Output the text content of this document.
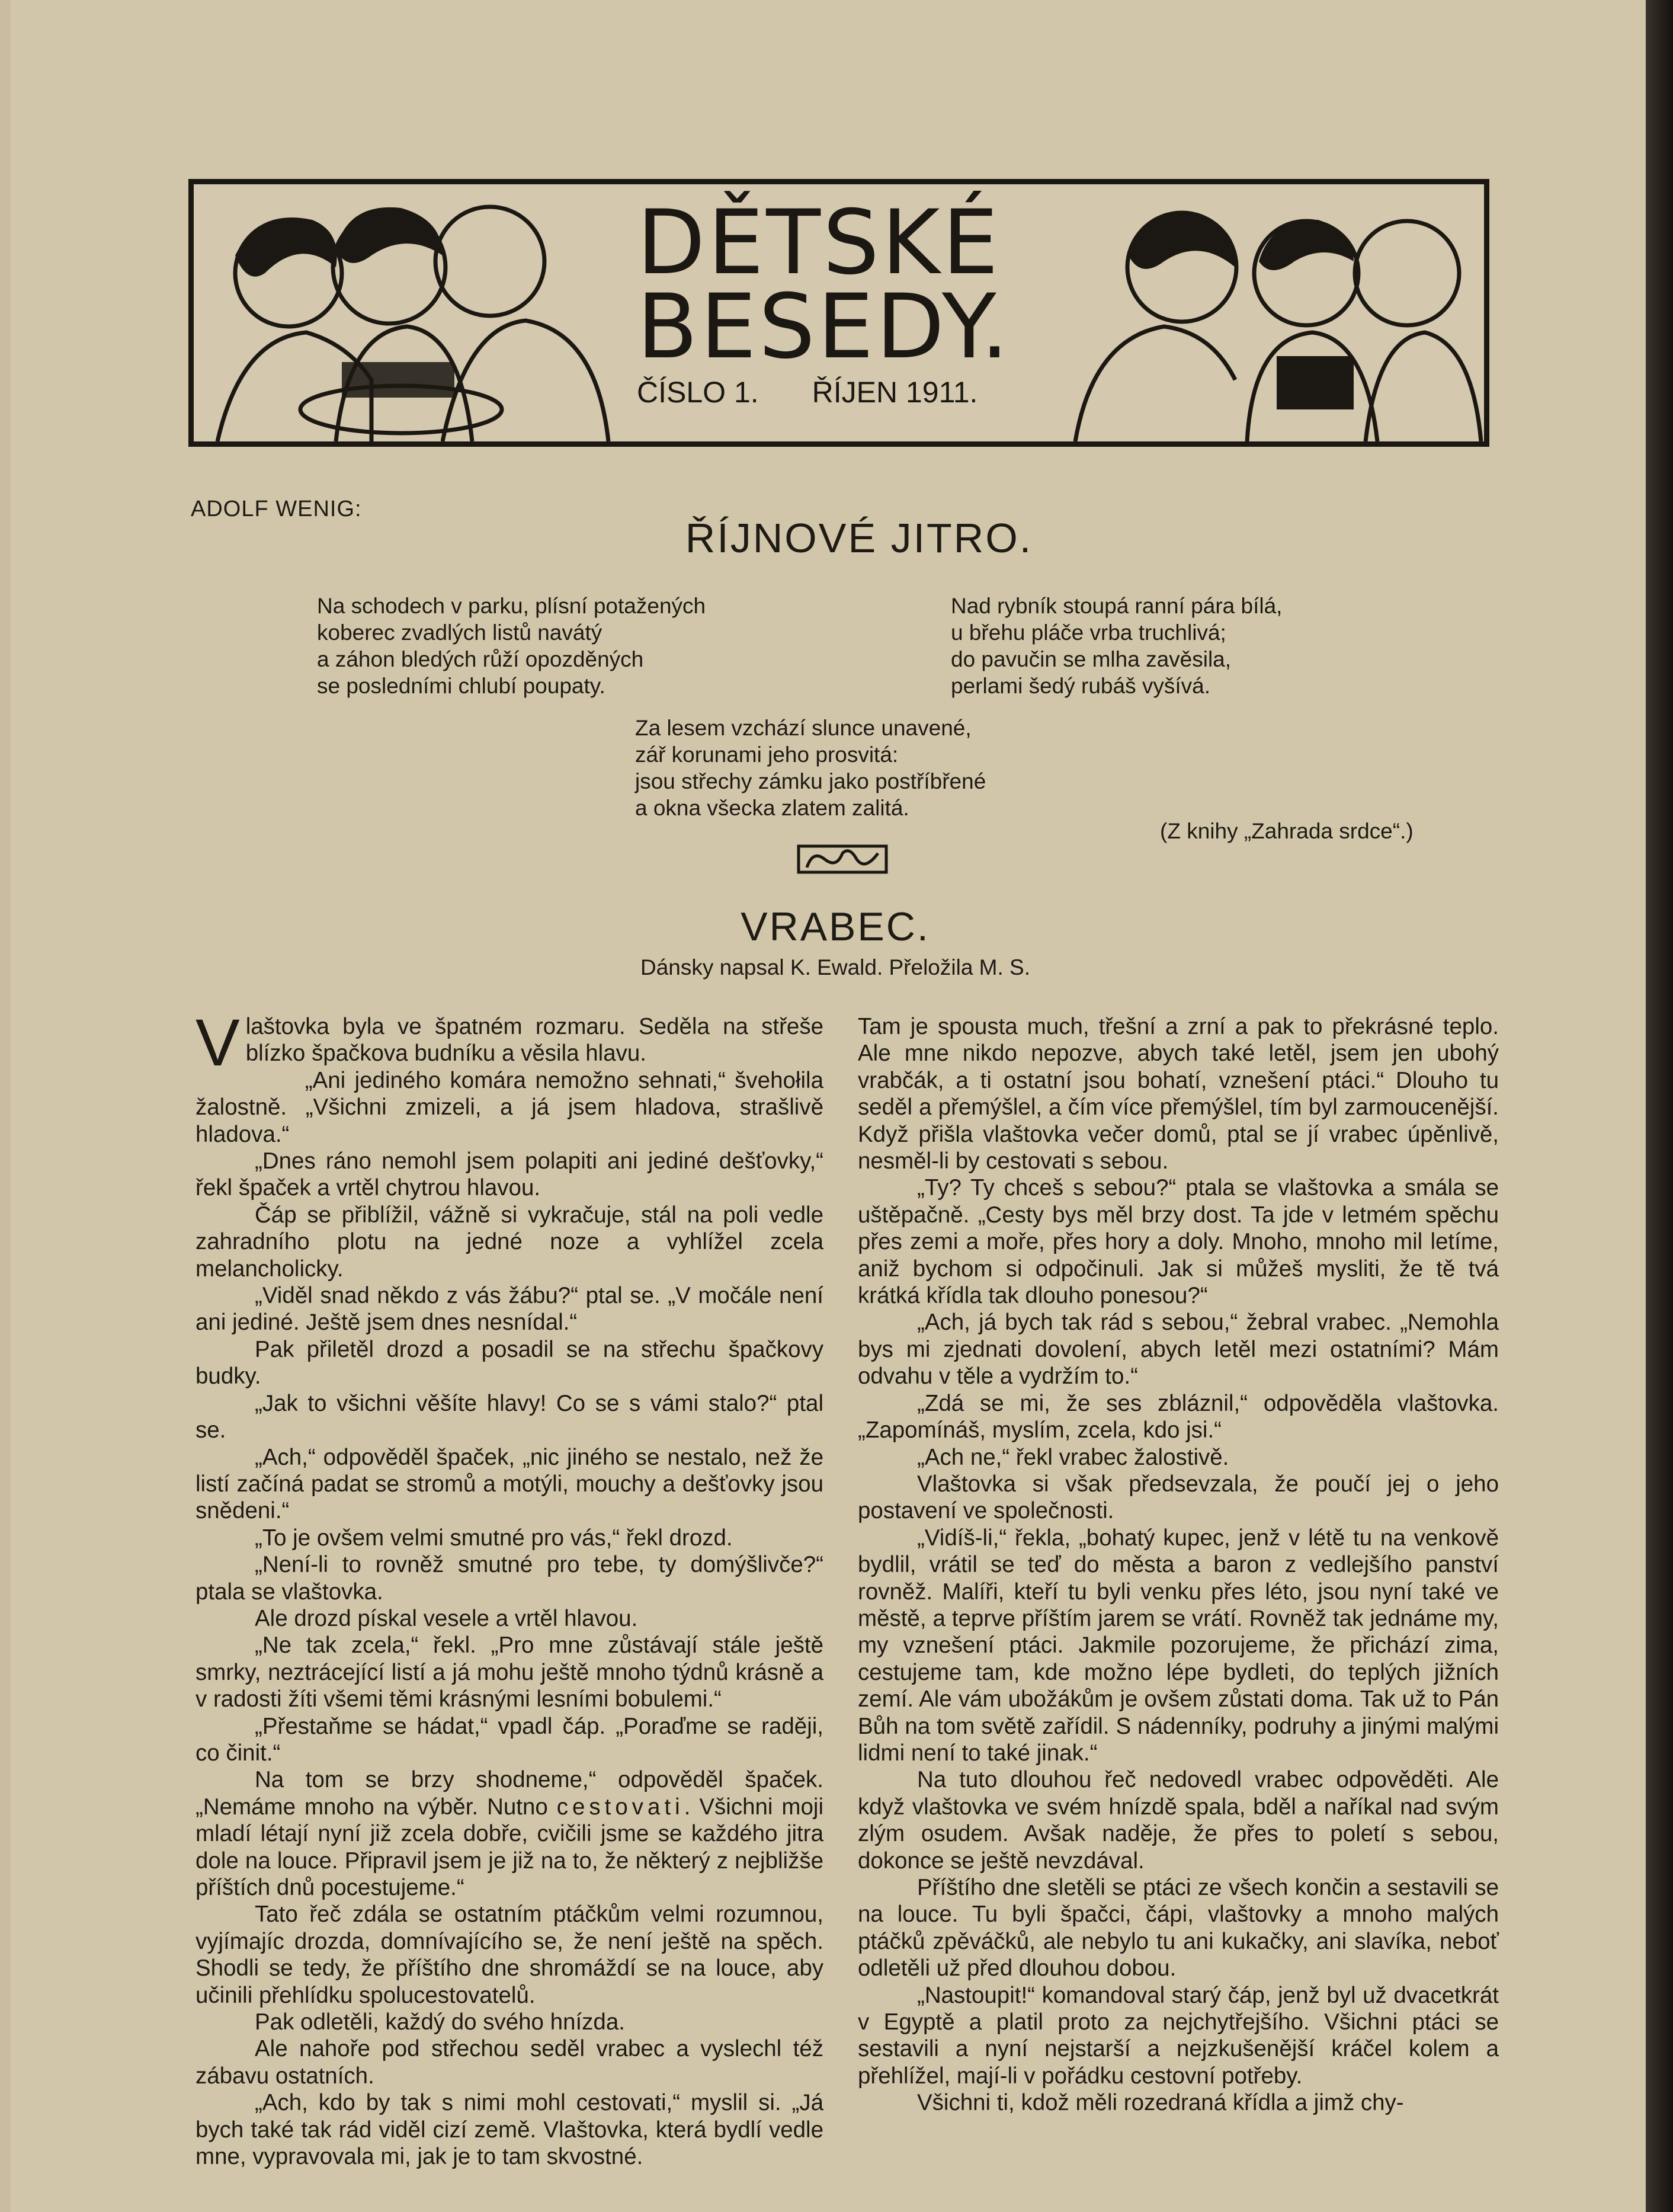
DĚTSKÉ
BESEDY.
ČÍSLO 1. ŘÍJEN 1911.
ADOLF WENIG:
ŘÍJNOVÉ JITRO.
Na schodech v parku, plísní potažených
koberec zvadlých listů navátý
a záhon bledých růží opozděných
se posledními chlubí poupaty.
Nad rybník stoupá ranní pára bílá,
u břehu pláče vrba truchlivá;
do pavučin se mlha zavěsila,
perlami šedý rubáš vyšívá.
Za lesem vzchází slunce unavené,
zář korunami jeho prosvitá:
jsou střechy zámku jako postříbřené
a okna všecka zlatem zalitá.
(Z knihy „Zahrada srdce“.)
VRABEC.
Dánsky napsal K. Ewald. Přeložila M. S.

Vlaštovka byla ve špatném rozmaru. Seděla na střeše blízko špačkova budníku a věsila hlavu.

„Ani jediného komára nemožno sehnati,“ švehołila žalostně. „Všichni zmizeli, a já jsem hladova, strašlivě hladova.“

„Dnes ráno nemohl jsem polapiti ani jediné dešťovky,“ řekl špaček a vrtěl chytrou hlavou.

Čáp se přiblížil, vážně si vykračuje, stál na poli vedle zahradního plotu na jedné noze a vyhlížel zcela melancholicky.

„Viděl snad někdo z vás žábu?“ ptal se. „V močále není ani jediné. Ještě jsem dnes nesnídal.“

Pak přiletěl drozd a posadil se na střechu špačkovy budky.

„Jak to všichni věšíte hlavy! Co se s vámi stalo?“ ptal se.

„Ach,“ odpověděl špaček, „nic jiného se nestalo, než že listí začíná padat se stromů a motýli, mouchy a dešťovky jsou snědeni.“

„To je ovšem velmi smutné pro vás,“ řekl drozd.

„Není-li to rovněž smutné pro tebe, ty domýšlivče?“ ptala se vlaštovka.

Ale drozd pískal vesele a vrtěl hlavou.

„Ne tak zcela,“ řekl. „Pro mne zůstávají stále ještě smrky, neztrácející listí a já mohu ještě mnoho týdnů krásně a v radosti žíti všemi těmi krásnými lesními bobulemi.“

„Přestaňme se hádat,“ vpadl čáp. „Poraďme se raději, co činit.“

Na tom se brzy shodneme,“ odpověděl špaček. „Nemáme mnoho na výběr. Nutno cestovati. Všichni moji mladí létají nyní již zcela dobře, cvičili jsme se každého jitra dole na louce. Připravil jsem je již na to, že některý z nejbližše příštích dnů pocestujeme.“

Tato řeč zdála se ostatním ptáčkům velmi rozumnou, vyjímajíc drozda, domnívajícího se, že není ještě na spěch. Shodli se tedy, že příštího dne shromáždí se na louce, aby učinili přehlídku spolucestovatelů.

Pak odletěli, každý do svého hnízda.

Ale nahoře pod střechou seděl vrabec a vyslechl též zábavu ostatních.

„Ach, kdo by tak s nimi mohl cestovati,“ myslil si. „Já bych také tak rád viděl cizí země. Vlaštovka, která bydlí vedle mne, vypravovala mi, jak je to tam skvostné.

Tam je spousta much, třešní a zrní a pak to překrásné teplo. Ale mne nikdo nepozve, abych také letěl, jsem jen ubohý vrabčák, a ti ostatní jsou bohatí, vznešení ptáci.“ Dlouho tu seděl a přemýšlel, a čím více přemýšlel, tím byl zarmoucenější. Když přišla vlaštovka večer domů, ptal se jí vrabec úpěnlivě, nesměl-li by cestovati s sebou.

„Ty? Ty chceš s sebou?“ ptala se vlaštovka a smála se uštěpačně. „Cesty bys měl brzy dost. Ta jde v letmém spěchu přes zemi a moře, přes hory a doly. Mnoho, mnoho mil letíme, aniž bychom si odpočinuli. Jak si můžeš mysliti, že tě tvá krátká křídla tak dlouho ponesou?“

„Ach, já bych tak rád s sebou,“ žebral vrabec. „Nemohla bys mi zjednati dovolení, abych letěl mezi ostatními? Mám odvahu v těle a vydržím to.“

„Zdá se mi, že ses zbláznil,“ odpověděla vlaštovka. „Zapomínáš, myslím, zcela, kdo jsi.“

„Ach ne,“ řekl vrabec žalostivě.

Vlaštovka si však předsevzala, že poučí jej o jeho postavení ve společnosti.

„Vidíš-li,“ řekla, „bohatý kupec, jenž v létě tu na venkově bydlil, vrátil se teď do města a baron z vedlejšího panství rovněž. Malíři, kteří tu byli venku přes léto, jsou nyní také ve městě, a teprve příštím jarem se vrátí. Rovněž tak jednáme my, my vznešení ptáci. Jakmile pozorujeme, že přichází zima, cestujeme tam, kde možno lépe bydleti, do teplých jižních zemí. Ale vám ubožákům je ovšem zůstati doma. Tak už to Pán Bůh na tom světě zařídil. S nádenníky, podruhy a jinými malými lidmi není to také jinak.“

Na tuto dlouhou řeč nedovedl vrabec odpověděti. Ale když vlaštovka ve svém hnízdě spala, bděl a naříkal nad svým zlým osudem. Avšak naděje, že přes to poletí s sebou, dokonce se ještě nevzdával.

Příštího dne sletěli se ptáci ze všech končin a sestavili se na louce. Tu byli špačci, čápi, vlaštovky a mnoho malých ptáčků zpěváčků, ale nebylo tu ani kukačky, ani slavíka, neboť odletěli už před dlouhou dobou.

„Nastoupit!“ komandoval starý čáp, jenž byl už dvacetkrát v Egyptě a platil proto za nejchytřejšího. Všichni ptáci se sestavili a nyní nejstarší a nejzkušenější kráčel kolem a přehlížel, mají-li v pořádku cestovní potřeby.

Všichni ti, kdož měli rozedraná křídla a jimž chy-
